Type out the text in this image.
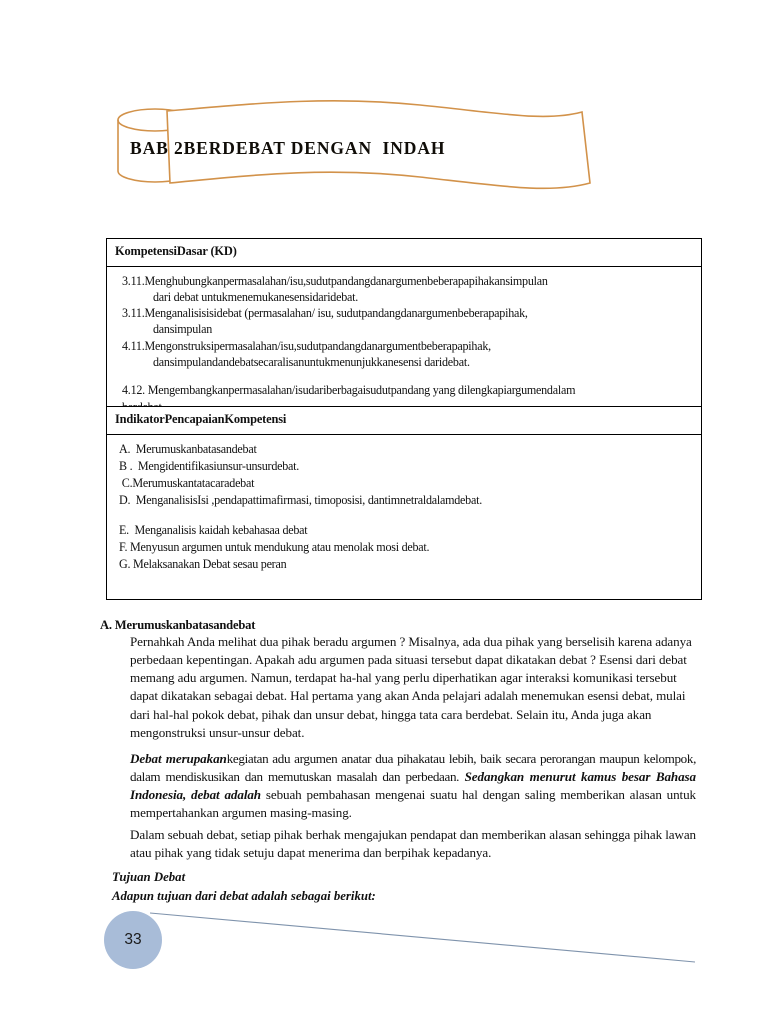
BAB 2BERDEBAT DENGAN  INDAH
KompetensiDasar (KD)
3.11.Menghubungkanpermasalahan/isu,sudutpandangdanargumenbeberapapihakansimpulan
dari debat untukmenemukanesensidaridebat.
3.11.Menganalisisisidebat (permasalahan/ isu, sudutpandangdanargumenbeberapapihak,
dansimpulan
4.11.Mengonstruksipermasalahan/isu,sudutpandangdanargumentbeberapapihak,
dansimpulandandebatsecaralisanuntukmenunjukkanesensi daridebat.
4.12. Mengembangkanpermasalahan/isudariberbagaisudutpandang yang dilengkapiargumendalam
IndikatorPencapaianKompetensi
A.  Merumuskanbatasandebat
B .  Mengidentifikasiunsur-unsurdebat.
C.Merumuskantatacaradebat
D.  MenganalisisIsi ,pendapattimafirmasi, timoposisi, dantimnetraldalamdebat.
E.  Menganalisis kaidah kebahasaa debat
F. Menyusun argumen untuk mendukung atau menolak mosi debat.
G. Melaksanakan Debat sesau peran
A. Merumuskanbatasandebat
Pernahkah Anda melihat dua pihak beradu argumen ? Misalnya, ada dua pihak yang berselisih karena adanya perbedaan kepentingan. Apakah adu argumen pada situasi tersebut dapat dikatakan debat ? Esensi dari debat memang adu argumen. Namun, terdapat ha-hal yang perlu diperhatikan agar interaksi komunikasi tersebut dapat dikatakan sebagai debat. Hal pertama yang akan Anda pelajari adalah menemukan esensi debat, mulai dari hal-hal pokok debat, pihak dan unsur debat, hingga tata cara berdebat. Selain itu, Anda juga akan mengonstruksi unsur-unsur debat.
Debat merupakankegiatan adu argumen anatar dua pihakatau lebih, baik secara perorangan maupun kelompok, dalam mendiskusikan dan memutuskan masalah dan perbedaan. Sedangkan menurut kamus besar Bahasa Indonesia, debat adalah sebuah pembahasan mengenai suatu hal dengan saling memberikan alasan untuk mempertahankan argumen masing-masing.
Dalam sebuah debat, setiap pihak berhak mengajukan pendapat dan memberikan alasan sehingga pihak lawan atau pihak yang tidak setuju dapat menerima dan berpihak kepadanya.
Tujuan Debat
Adapun tujuan dari debat adalah sebagai berikut:
33
